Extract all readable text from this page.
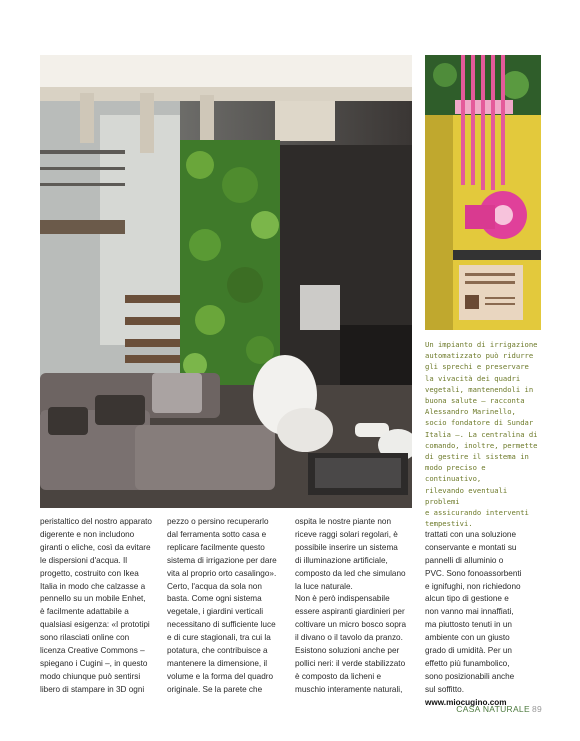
Un impianto di irrigazione
automatizzato può ridurre
gli sprechi e preservare
la vivacità dei quadri
vegetali, mantenendoli in
buona salute – racconta
Alessandro Marinello,
socio fondatore di Sundar
Italia –. La centralina di
comando, inoltre, permette
di gestire il sistema in
modo preciso e continuativo,
rilevando eventuali problemi
e assicurando interventi
tempestivi.
peristaltico del nostro apparato
digerente e non includono
giranti o eliche, così da evitare
le dispersioni d'acqua. Il
progetto, costruito con Ikea
Italia in modo che calzasse a
pennello su un mobile Enhet,
è facilmente adattabile a
qualsiasi esigenza: «I prototipi
sono rilasciati online con
licenza Creative Commons –
spiegano i Cugini –, in questo
modo chiunque può sentirsi
libero di stampare in 3D ogni
pezzo o persino recuperarlo
dal ferramenta sotto casa e
replicare facilmente questo
sistema di irrigazione per dare
vita al proprio orto casalingo».
Certo, l'acqua da sola non
basta. Come ogni sistema
vegetale, i giardini verticali
necessitano di sufficiente luce
e di cure stagionali, tra cui la
potatura, che contribuisce a
mantenere la dimensione, il
volume e la forma del quadro
originale. Se la parete che
ospita le nostre piante non
riceve raggi solari regolari, è
possibile inserire un sistema
di illuminazione artificiale,
composto da led che simulano
la luce naturale.
Non è però indispensabile
essere aspiranti giardinieri per
coltivare un micro bosco sopra
il divano o il tavolo da pranzo.
Esistono soluzioni anche per
pollici neri: il verde stabilizzato
è composto da licheni e
muschio interamente naturali,

trattati con una soluzione
conservante e montati su
pannelli di alluminio o
PVC. Sono fonoassorbenti
e ignifughi, non richiedono
alcun tipo di gestione e
non vanno mai innaffiati,
ma piuttosto tenuti in un
ambiente con un giusto
grado di umidità. Per un
effetto più funambolico,
sono posizionabili anche
sul soffitto.

www.miocugino.com

CASA NATURALE 89
